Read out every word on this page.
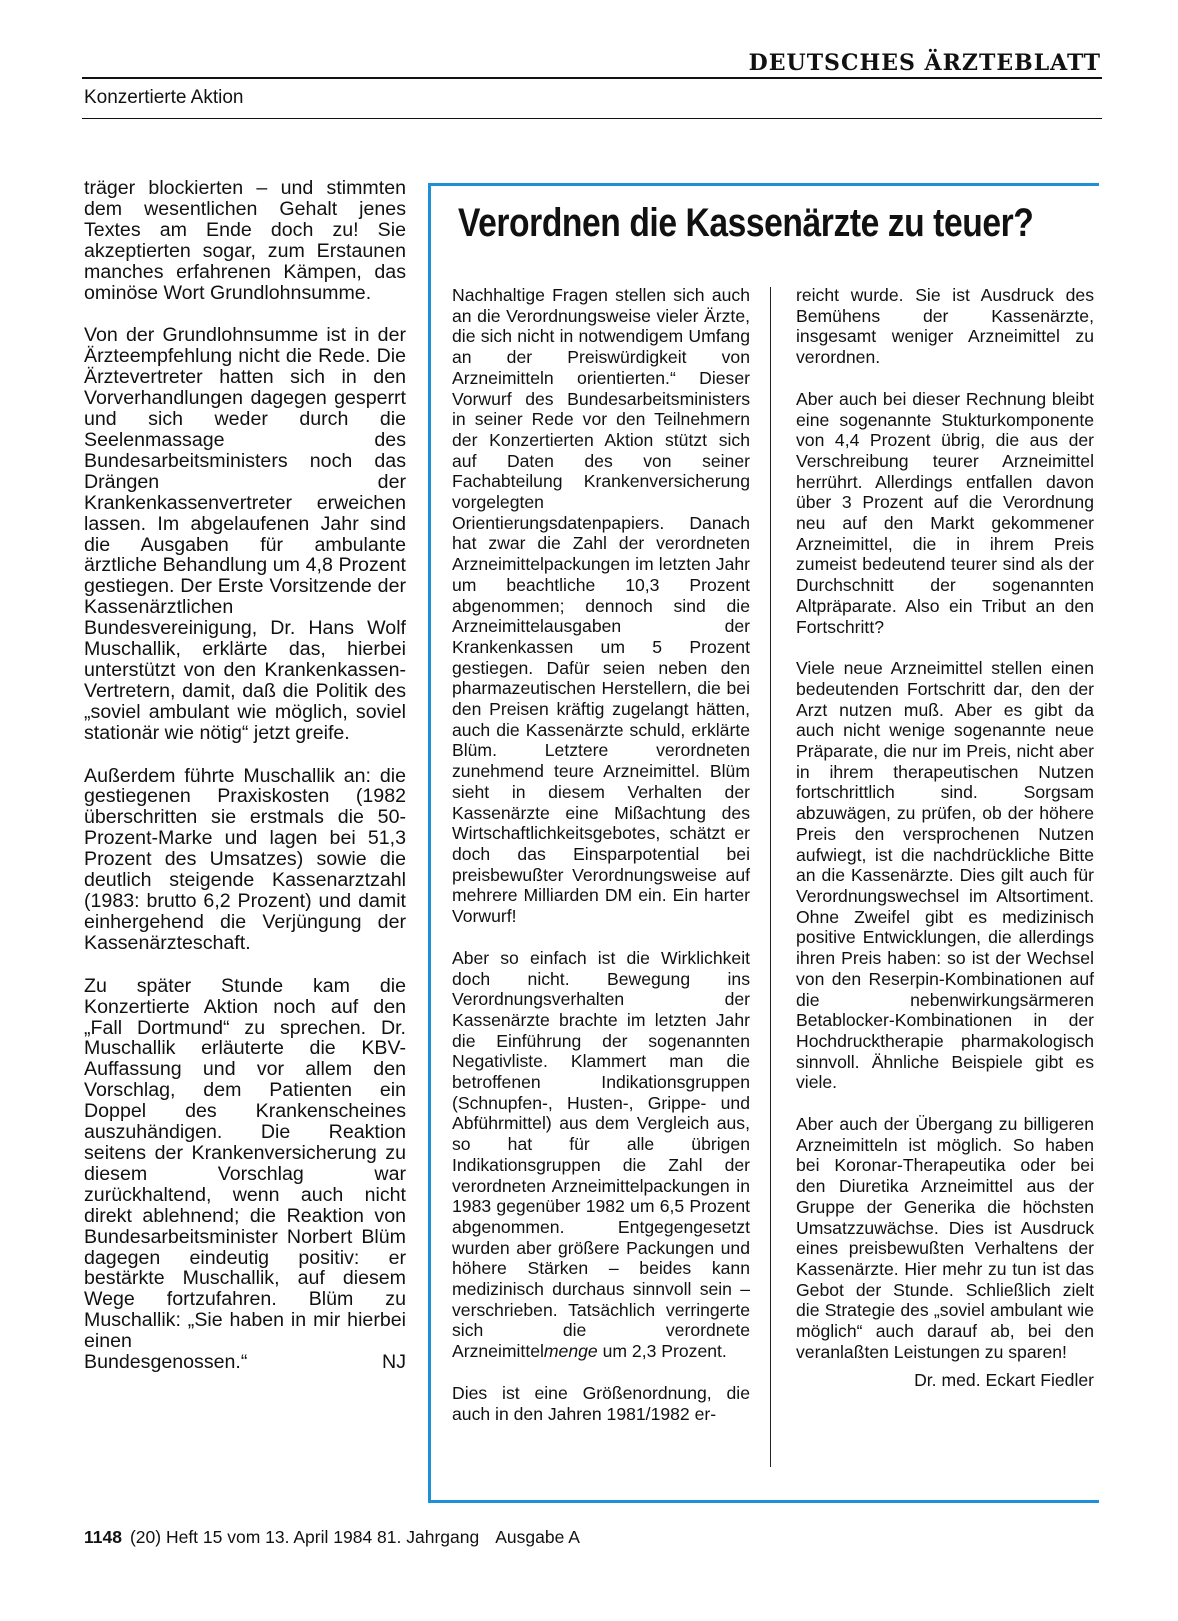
DEUTSCHES ÄRZTEBLATT
Konzertierte Aktion

träger blockierten – und stimmten dem wesentlichen Gehalt jenes Textes am Ende doch zu! Sie akzeptierten sogar, zum Erstaunen manches erfahrenen Kämpen, das ominöse Wort Grundlohnsumme.

Von der Grundlohnsumme ist in der Ärzteempfehlung nicht die Rede. Die Ärztevertreter hatten sich in den Vorverhandlungen dagegen gesperrt und sich weder durch die Seelenmassage des Bundesarbeitsministers noch das Drängen der Krankenkassenvertreter erweichen lassen. Im abgelaufenen Jahr sind die Ausgaben für ambulante ärztliche Behandlung um 4,8 Prozent gestiegen. Der Erste Vorsitzende der Kassenärztlichen Bundesvereinigung, Dr. Hans Wolf Muschallik, erklärte das, hierbei unterstützt von den Krankenkassen-Vertretern, damit, daß die Politik des „soviel ambulant wie möglich, soviel stationär wie nötig“ jetzt greife.

Außerdem führte Muschallik an: die gestiegenen Praxiskosten (1982 überschritten sie erstmals die 50-Prozent-Marke und lagen bei 51,3 Prozent des Umsatzes) sowie die deutlich steigende Kassenarztzahl (1983: brutto 6,2 Prozent) und damit einhergehend die Verjüngung der Kassenärzteschaft.

Zu später Stunde kam die Konzertierte Aktion noch auf den „Fall Dortmund“ zu sprechen. Dr. Muschallik erläuterte die KBV-Auffassung und vor allem den Vorschlag, dem Patienten ein Doppel des Krankenscheines auszuhändigen. Die Reaktion seitens der Krankenversicherung zu diesem Vorschlag war zurückhaltend, wenn auch nicht direkt ablehnend; die Reaktion von Bundesarbeitsminister Norbert Blüm dagegen eindeutig positiv: er bestärkte Muschallik, auf diesem Wege fortzufahren. Blüm zu Muschallik: „Sie haben in mir hierbei einen

Bundesgenossen.“	NJ
Verordnen die Kassenärzte zu teuer?

Nachhaltige Fragen stellen sich auch an die Verordnungsweise vieler Ärzte, die sich nicht in notwendigem Umfang an der Preiswürdigkeit von Arzneimitteln orientierten.“ Dieser Vorwurf des Bundesarbeitsministers in seiner Rede vor den Teilnehmern der Konzertierten Aktion stützt sich auf Daten des von seiner Fachabteilung Krankenversicherung vorgelegten Orientierungsdatenpapiers. Danach hat zwar die Zahl der verordneten Arzneimittelpackungen im letzten Jahr um beachtliche 10,3 Prozent abgenommen; dennoch sind die Arzneimittelausgaben der Krankenkassen um 5 Prozent gestiegen. Dafür seien neben den pharmazeutischen Herstellern, die bei den Preisen kräftig zugelangt hätten, auch die Kassenärzte schuld, erklärte Blüm. Letztere verordneten zunehmend teure Arzneimittel. Blüm sieht in diesem Verhalten der Kassenärzte eine Mißachtung des Wirtschaftlichkeitsgebotes, schätzt er doch das Einsparpotential bei preisbewußter Verordnungsweise auf mehrere Milliarden DM ein. Ein harter Vorwurf!

Aber so einfach ist die Wirklichkeit doch nicht. Bewegung ins Verordnungsverhalten der Kassenärzte brachte im letzten Jahr die Einführung der sogenannten Negativliste. Klammert man die betroffenen Indikationsgruppen (Schnupfen-, Husten-, Grippe- und Abführmittel) aus dem Vergleich aus, so hat für alle übrigen Indikationsgruppen die Zahl der verordneten Arzneimittelpackungen in 1983 gegenüber 1982 um 6,5 Prozent abgenommen. Entgegengesetzt wurden aber größere Packungen und höhere Stärken – beides kann medizinisch durchaus sinnvoll sein – verschrieben. Tatsächlich verringerte sich die verordnete Arzneimittelmenge um 2,3 Prozent.

Dies ist eine Größenordnung, die auch in den Jahren 1981/1982 er-

reicht wurde. Sie ist Ausdruck des Bemühens der Kassenärzte, insgesamt weniger Arzneimittel zu verordnen.

Aber auch bei dieser Rechnung bleibt eine sogenannte Stukturkomponente von 4,4 Prozent übrig, die aus der Verschreibung teurer Arzneimittel herrührt. Allerdings entfallen davon über 3 Prozent auf die Verordnung neu auf den Markt gekommener Arzneimittel, die in ihrem Preis zumeist bedeutend teurer sind als der Durchschnitt der sogenannten Altpräparate. Also ein Tribut an den Fortschritt?

Viele neue Arzneimittel stellen einen bedeutenden Fortschritt dar, den der Arzt nutzen muß. Aber es gibt da auch nicht wenige sogenannte neue Präparate, die nur im Preis, nicht aber in ihrem therapeutischen Nutzen fortschrittlich sind. Sorgsam abzuwägen, zu prüfen, ob der höhere Preis den versprochenen Nutzen aufwiegt, ist die nachdrückliche Bitte an die Kassenärzte. Dies gilt auch für Verordnungswechsel im Altsortiment. Ohne Zweifel gibt es medizinisch positive Entwicklungen, die allerdings ihren Preis haben: so ist der Wechsel von den Reserpin-Kombinationen auf die nebenwirkungsärmeren Betablocker-Kombinationen in der Hochdrucktherapie pharmakologisch sinnvoll. Ähnliche Beispiele gibt es viele.

Aber auch der Übergang zu billigeren Arzneimitteln ist möglich. So haben bei Koronar-Therapeutika oder bei den Diuretika Arzneimittel aus der Gruppe der Generika die höchsten Umsatzzuwächse. Dies ist Ausdruck eines preisbewußten Verhaltens der Kassenärzte. Hier mehr zu tun ist das Gebot der Stunde. Schließlich zielt die Strategie des „soviel ambulant wie möglich“ auch darauf ab, bei den veranlaßten Leistungen zu sparen!

Dr. med. Eckart Fiedler
1148 (20) Heft 15 vom 13. April 1984 81. Jahrgang Ausgabe A
